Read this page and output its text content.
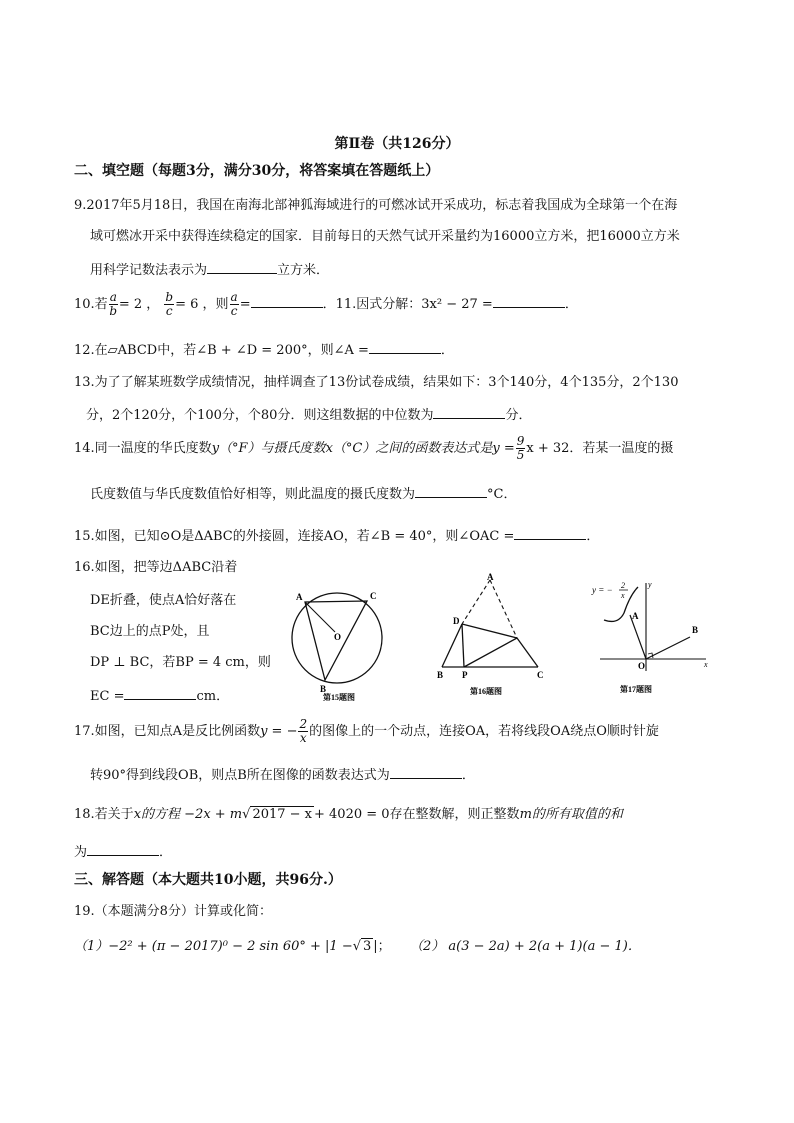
第Ⅱ卷（共126分）
二、填空题（每题3分，满分30分，将答案填在答题纸上）
9.2017年5月18日，我国在南海北部神狐海域进行的可燃冰试开采成功，标志着我国成为全球第一个在海
域可燃冰开采中获得连续稳定的国家．目前每日的天然气试开采量约为16000立方米，把16000立方米
用科学记数法表示为	立方米．
10.若 $\frac{a}{b} = 2$ ， $\frac{b}{c} = 6$ ，则 $\frac{a}{c}$ =	．11.因式分解：3x² − 27 =	．
12.在▱ABCD中，若∠B + ∠D = 200°，则∠A =	．
13.为了了解某班数学成绩情况，抽样调查了13份试卷成绩，结果如下：3个140分，4个135分，2个130
分，2个120分，个100分，个80分．则这组数据的中位数为	分．
14.同一温度的华氏度数y（°F）与摄氏度数x（°C）之间的函数表达式是$y = \frac{9}{5}$ x + 32．若某一温度的摄
氏度数值与华氏度数值恰好相等，则此温度的摄氏度数为	°C．
15.如图，已知⊙O是ΔABC的外接圆，连接AO，若∠B = 40°，则∠OAC =	．
16.如图，把等边ΔABC沿着
DE折叠，使点A恰好落在
BC边上的点P处，且
DP ⊥ BC，若BP = 4 cm，则
EC =	cm．
A	C
B
O
第15题图
A
D
B P	C
第16题图
y = − 2
x
y
x
A
B
O
第17题图
17.如图，已知点A是反比例函数y = − $\frac{2}{x}$ 的图像上的一个动点，连接OA，若将线段OA绕点O顺时针旋
转90°得到线段OB，则点B所在图像的函数表达式为	．
18.若关于x的方程 −2x + m√ 2017 − x + 4020 = 0存在整数解，则正整数m的所有取值的和
为	．
三、解答题（本大题共10小题，共96分.）
19.（本题满分8分）计算或化简：
（1）−2² + (π − 2017)⁰ − 2 sin 60° + |1 −√ 3 |； （2） a(3 − 2a) + 2(a + 1)(a − 1)．
